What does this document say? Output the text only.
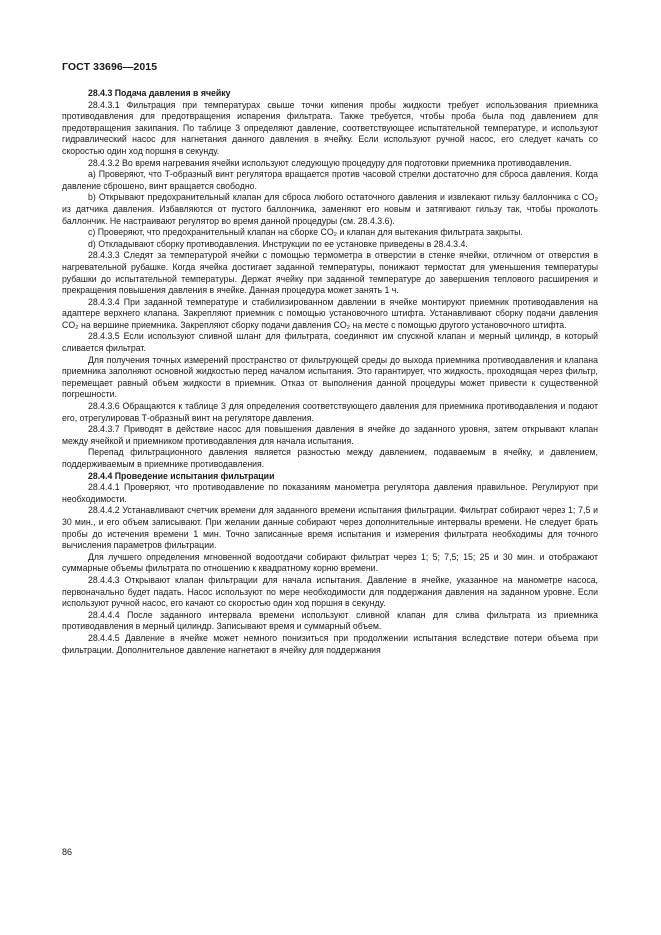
ГОСТ 33696—2015

28.4.3 Подача давления в ячейку

28.4.3.1 Фильтрация при температурах свыше точки кипения пробы жидкости требует использования приемника противодавления для предотвращения испарения фильтрата. Также требуется, чтобы проба была под давлением для предотвращения закипания. По таблице 3 определяют давление, соответствующее испытательной температуре, и используют гидравлический насос для нагнетания данного давления в ячейку. Если используют ручной насос, его следует качать со скоростью один ход поршня в секунду.

28.4.3.2 Во время нагревания ячейки используют следующую процедуру для подготовки приемника противодавления.

а) Проверяют, что Т-образный винт регулятора вращается против часовой стрелки достаточно для сброса давления. Когда давление сброшено, винт вращается свободно.

b) Открывают предохранительный клапан для сброса любого остаточного давления и извлекают гильзу баллончика с CO₂ из датчика давления. Избавляются от пустого баллончика, заменяют его новым и затягивают гильзу так, чтобы проколоть баллончик. Не настраивают регулятор во время данной процедуры (см. 28.4.3.6).

с) Проверяют, что предохранительный клапан на сборке CO₂ и клапан для вытекания фильтрата закрыты.

d) Откладывают сборку противодавления. Инструкции по ее установке приведены в 28.4.3.4.

28.4.3.3 Следят за температурой ячейки с помощью термометра в отверстии в стенке ячейки, отличном от отверстия в нагревательной рубашке. Когда ячейка достигает заданной температуры, понижают термостат для уменьшения температуры рубашки до испытательной температуры. Держат ячейку при заданной температуре до завершения теплового расширения и прекращения повышения давления в ячейке. Данная процедура может занять 1 ч.

28.4.3.4 При заданной температуре и стабилизированном давлении в ячейке монтируют приемник противодавления на адаптере верхнего клапана. Закрепляют приемник с помощью установочного штифта. Устанавливают сборку подачи давления CO₂ на вершине приемника. Закрепляют сборку подачи давления CO₂ на месте с помощью другого установочного штифта.

28.4.3.5 Если используют сливной шланг для фильтрата, соединяют им спускной клапан и мерный цилиндр, в который сливается фильтрат.

Для получения точных измерений пространство от фильтрующей среды до выхода приемника противодавления и клапана приемника заполняют основной жидкостью перед началом испытания. Это гарантирует, что жидкость, проходящая через фильтр, перемещает равный объем жидкости в приемник. Отказ от выполнения данной процедуры может привести к существенной погрешности.

28.4.3.6 Обращаются к таблице 3 для определения соответствующего давления для приемника противодавления и подают его, отрегулировав Т-образный винт на регуляторе давления.

28.4.3.7 Приводят в действие насос для повышения давления в ячейке до заданного уровня, затем открывают клапан между ячейкой и приемником противодавления для начала испытания.

Перепад фильтрационного давления является разностью между давлением, подаваемым в ячейку, и давлением, поддерживаемым в приемнике противодавления.

28.4.4 Проведение испытания фильтрации

28.4.4.1 Проверяют, что противодавление по показаниям манометра регулятора давления правильное. Регулируют при необходимости.

28.4.4.2 Устанавливают счетчик времени для заданного времени испытания фильтрации. Фильтрат собирают через 1; 7,5 и 30 мин., и его объем записывают. При желании данные собирают через дополнительные интервалы времени. Не следует брать пробы до истечения времени 1 мин. Точно записанные время испытания и измерения фильтрата необходимы для точного вычисления параметров фильтрации.

Для лучшего определения мгновенной водоотдачи собирают фильтрат через 1; 5; 7,5; 15; 25 и 30 мин. и отображают суммарные объемы фильтрата по отношению к квадратному корню времени.

28.4.4.3 Открывают клапан фильтрации для начала испытания. Давление в ячейке, указанное на манометре насоса, первоначально будет падать. Насос используют по мере необходимости для поддержания давления на заданном уровне. Если используют ручной насос, его качают со скоростью один ход поршня в секунду.

28.4.4.4 После заданного интервала времени используют сливной клапан для слива фильтрата из приемника противодавления в мерный цилиндр. Записывают время и суммарный объем.

28.4.4.5 Давление в ячейке может немного понизиться при продолжении испытания вследствие потери объема при фильтрации. Дополнительное давление нагнетают в ячейку для поддержания

86
